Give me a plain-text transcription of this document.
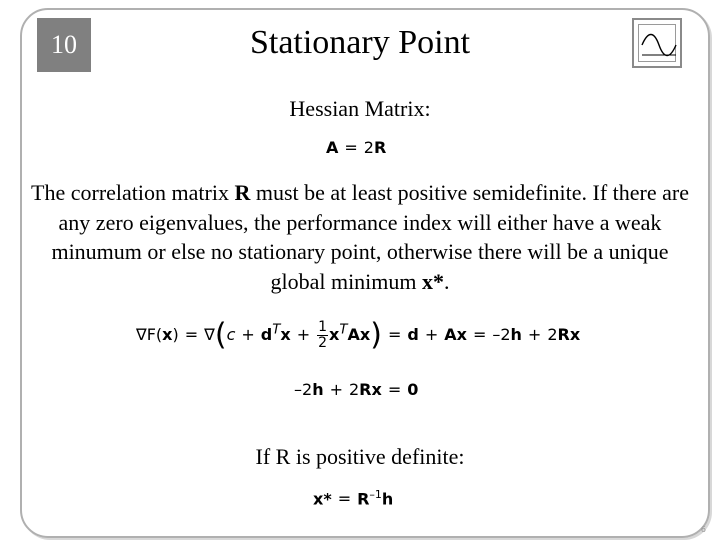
10	Stationary Point
Hessian Matrix:
A = 2R
The correlation matrix R must be at least positive semidefinite. If there are any zero eigenvalues, the performance index will either have a weak minumum or else no stationary point, otherwise there will be a unique global minimum x*.
$\nabla F(x) = \nabla(c + d^Tx + \frac{1}{2} x^TAx) = d + Ax = -2h + 2Rx$
–2h + 2Rx = 0
If R is positive definite:
$x* = R^{-1}h$
6
